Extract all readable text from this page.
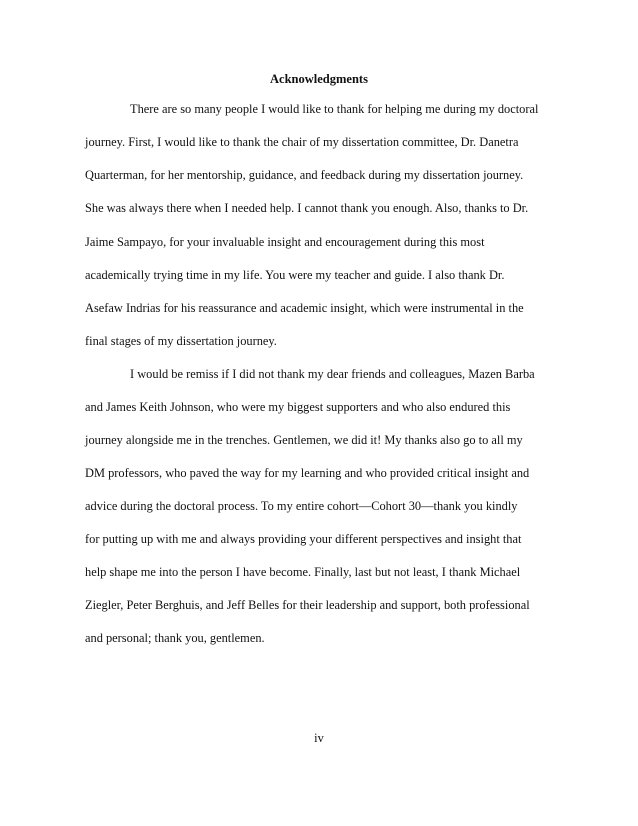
Acknowledgments

There are so many people I would like to thank for helping me during my doctoral

journey. First, I would like to thank the chair of my dissertation committee, Dr. Danetra

Quarterman, for her mentorship, guidance, and feedback during my dissertation journey.

She was always there when I needed help. I cannot thank you enough. Also, thanks to Dr.

Jaime Sampayo, for your invaluable insight and encouragement during this most

academically trying time in my life. You were my teacher and guide. I also thank Dr.

Asefaw Indrias for his reassurance and academic insight, which were instrumental in the

final stages of my dissertation journey.

I would be remiss if I did not thank my dear friends and colleagues, Mazen Barba

and James Keith Johnson, who were my biggest supporters and who also endured this

journey alongside me in the trenches. Gentlemen, we did it! My thanks also go to all my

DM professors, who paved the way for my learning and who provided critical insight and

advice during the doctoral process. To my entire cohort—Cohort 30—thank you kindly

for putting up with me and always providing your different perspectives and insight that

help shape me into the person I have become. Finally, last but not least, I thank Michael

Ziegler, Peter Berghuis, and Jeff Belles for their leadership and support, both professional

and personal; thank you, gentlemen.

iv
